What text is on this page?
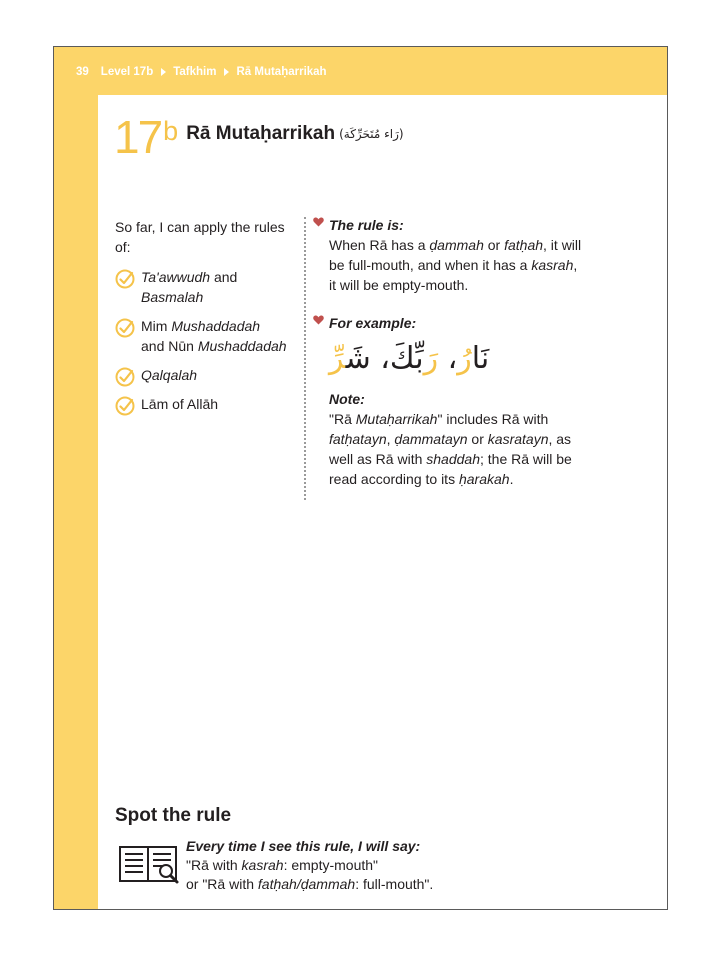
39 Level 17b Tafkhim Rā Mutaḥarrikah
17 b Rā Mutaḥarrikah (رَاء مُتَحَرِّكَة)
So far, I can apply the rules of:
Ta'awwudh and Basmalah
Mim Mushaddadah and Nūn Mushaddadah
Qalqalah
Lām of Allāh
The rule is:
When Rā has a ḍammah or fatḥah, it will be full-mouth, and when it has a kasrah, it will be empty-mouth.
For example:
نَارُ، رَبِّكَ، شَرِّ
Note:
"Rā Mutaḥarrikah" includes Rā with fatḥatayn, ḍammatayn or kasratayn, as well as Rā with shaddah; the Rā will be read according to its ḥarakah.
Spot the rule
Every time I see this rule, I will say:
"Rā with kasrah: empty-mouth"
or "Rā with fatḥah/ḍammah: full-mouth".
